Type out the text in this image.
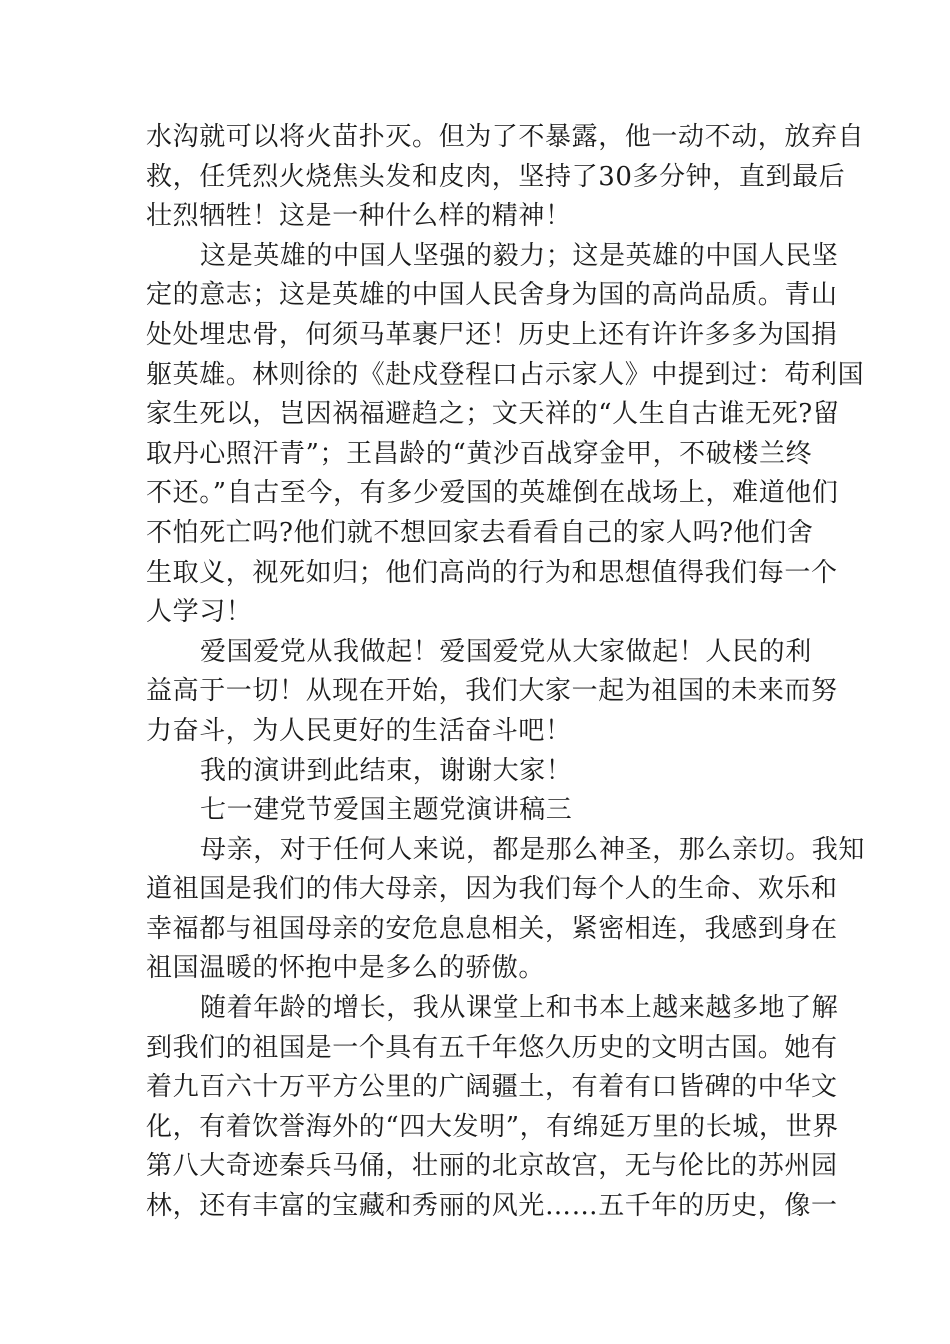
水沟就可以将火苗扑灭。但为了不暴露，他一动不动，放弃自
救，任凭烈火烧焦头发和皮肉，坚持了30多分钟，直到最后
壮烈牺牲！这是一种什么样的精神！
这是英雄的中国人坚强的毅力；这是英雄的中国人民坚
定的意志；这是英雄的中国人民舍身为国的高尚品质。青山
处处埋忠骨，何须马革裹尸还！历史上还有许许多多为国捐
躯英雄。林则徐的《赴戍登程口占示家人》中提到过：苟利国
家生死以，岂因祸福避趋之；文天祥的“人生自古谁无死?留
取丹心照汗青”；王昌龄的“黄沙百战穿金甲，不破楼兰终
不还。”自古至今，有多少爱国的英雄倒在战场上，难道他们
不怕死亡吗?他们就不想回家去看看自己的家人吗?他们舍
生取义，视死如归；他们高尚的行为和思想值得我们每一个
人学习！
爱国爱党从我做起！爱国爱党从大家做起！人民的利
益高于一切！从现在开始，我们大家一起为祖国的未来而努
力奋斗，为人民更好的生活奋斗吧！
我的演讲到此结束，谢谢大家！
七一建党节爱国主题党演讲稿三
母亲，对于任何人来说，都是那么神圣，那么亲切。我知
道祖国是我们的伟大母亲，因为我们每个人的生命、欢乐和
幸福都与祖国母亲的安危息息相关，紧密相连，我感到身在
祖国温暖的怀抱中是多么的骄傲。
随着年龄的增长，我从课堂上和书本上越来越多地了解
到我们的祖国是一个具有五千年悠久历史的文明古国。她有
着九百六十万平方公里的广阔疆土，有着有口皆碑的中华文
化，有着饮誉海外的“四大发明”，有绵延万里的长城，世界
第八大奇迹秦兵马俑，壮丽的北京故宫，无与伦比的苏州园
林，还有丰富的宝藏和秀丽的风光……五千年的历史，像一
